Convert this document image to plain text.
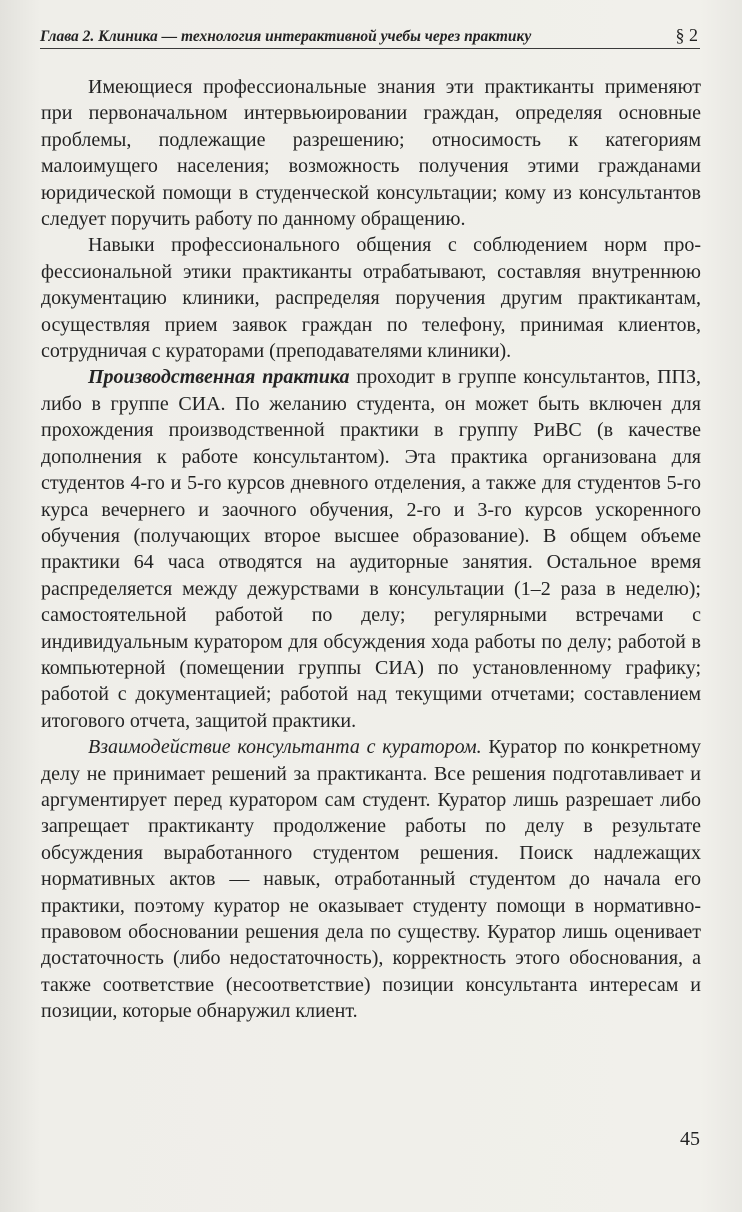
Глава 2. Клиника — технология интерактивной учебы через практику	§ 2

Имеющиеся профессиональные знания эти практиканты применяют при первоначальном интервьюировании граждан, определяя основные проблемы, подлежащие разрешению; относимость к категориям малоимущего населения; возможность получения этими гражданами юридической помощи в студенческой консультации; кому из консультантов следует поручить работу по данному обращению.

Навыки профессионального общения с соблюдением норм профессиональной этики практиканты отрабатывают, составляя внутреннюю документацию клиники, распределяя поручения другим практикантам, осуществляя прием заявок граждан по телефону, принимая клиентов, сотрудничая с кураторами (преподавателями клиники).

Производственная практика проходит в группе консультантов, ППЗ, либо в группе СИА. По желанию студента, он может быть включен для прохождения производственной практики в группу РиВС (в качестве дополнения к работе консультантом). Эта практика организована для студентов 4-го и 5-го курсов дневного отделения, а также для студентов 5-го курса вечернего и заочного обучения, 2-го и 3-го курсов ускоренного обучения (получающих второе высшее образование). В общем объеме практики 64 часа отводятся на аудиторные занятия. Остальное время распределяется между дежурствами в консультации (1–2 раза в неделю); самостоятельной работой по делу; регулярными встречами с индивидуальным куратором для обсуждения хода работы по делу; работой в компьютерной (помещении группы СИА) по установленному графику; работой с документацией; работой над текущими отчетами; составлением итогового отчета, защитой практики.

Взаимодействие консультанта с куратором. Куратор по конкретному делу не принимает решений за практиканта. Все решения подготавливает и аргументирует перед куратором сам студент. Куратор лишь разрешает либо запрещает практиканту продолжение работы по делу в результате обсуждения выработанного студентом решения. Поиск надлежащих нормативных актов — навык, отработанный студентом до начала его практики, поэтому куратор не оказывает студенту помощи в нормативно-правовом обосновании решения дела по существу. Куратор лишь оценивает достаточность (либо недостаточность), корректность этого обоснования, а также соответствие (несоответствие) позиции консультанта интересам и позиции, которые обнаружил клиент.

45
